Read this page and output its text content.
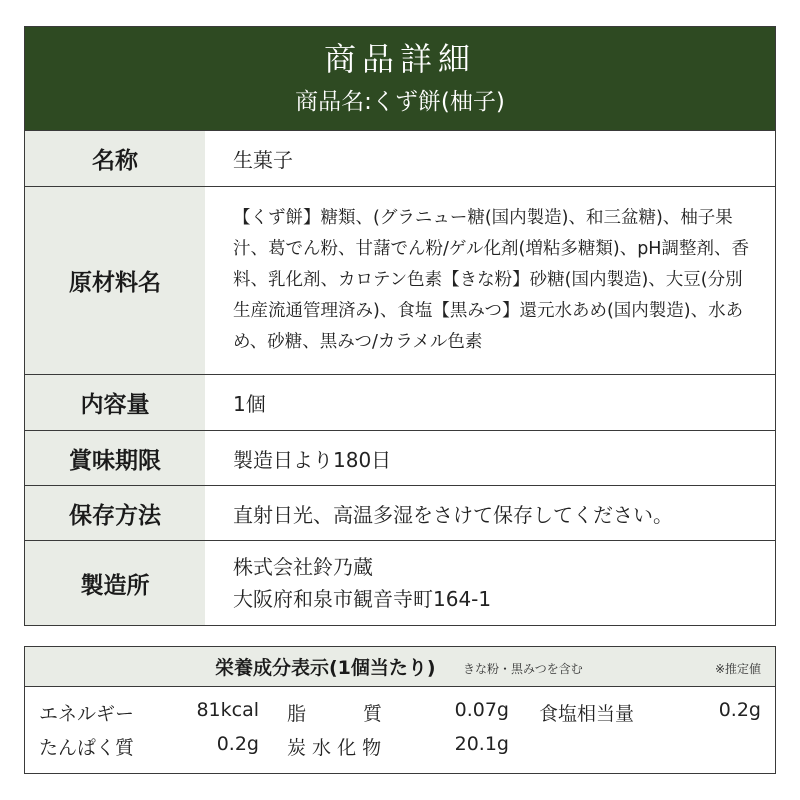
商品詳細
商品名:くず餅(柚子)
名称	生菓子
原材料名
【くず餅】糖類、(グラニュー糖(国内製造)、和三盆糖)、柚子果汁、葛でん粉、甘藷でん粉/ゲル化剤(増粘多糖類)、pH調整剤、香料、乳化剤、カロテン色素【きな粉】砂糖(国内製造)、大豆(分別生産流通管理済み)、食塩【黒みつ】還元水あめ(国内製造)、水あめ、砂糖、黒みつ/カラメル色素
内容量	1個
賞味期限	製造日より180日
保存方法	直射日光、高温多湿をさけて保存してください。
製造所
株式会社鈴乃蔵
大阪府和泉市観音寺町164-1
栄養成分表示(1個当たり) きな粉・黒みつを含む	※推定値
エネルギー	81kcal 脂　　　質	0.07g 食塩相当量	0.2g
たんぱく質	0.2g 炭 水 化 物	20.1g
